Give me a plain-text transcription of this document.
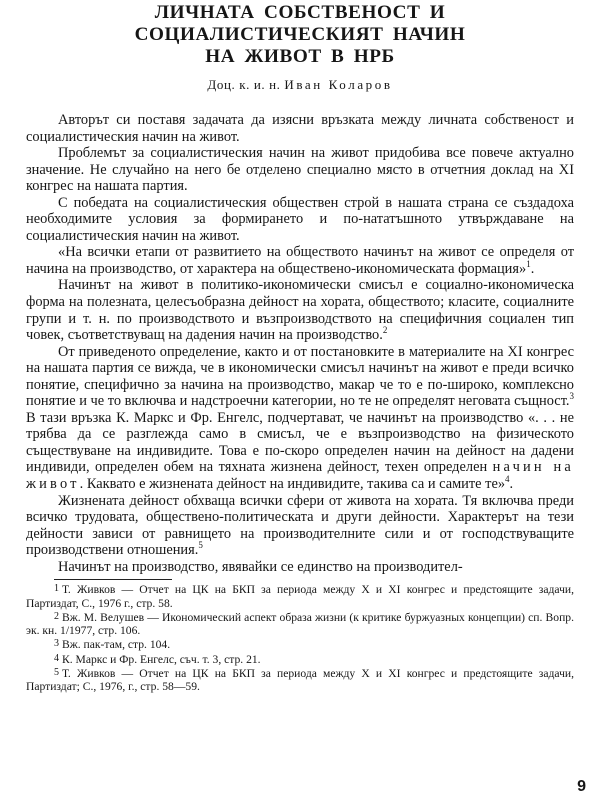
ЛИЧНАТА СОБСТВЕНОСТ И СОЦИАЛИСТИЧЕСКИЯТ НАЧИН
НА ЖИВОТ В НРБ
Доц. к. и. н. Иван Коларов

Авторът си поставя задачата да изясни връзката между личната собственост и социалистическия начин на живот.

Проблемът за социалистическия начин на живот придобива все повече актуално значение. Не случайно на него бе отделено специално място в отчетния доклад на XI конгрес на нашата партия.

С победата на социалистическия обществен строй в нашата страна се създадоха необходимите условия за формирането и по-нататъшното утвърждаване на социалистическия начин на живот.

«На всички етапи от развитието на обществото начинът на живот се определя от начина на производство, от характера на обществено-икономическата формация»$^1$.

Начинът на живот в политико-икономически смисъл е социално-икономическа форма на полезната, целесъобразна дейност на хората, обществото; класите, социалните групи и т. н. по производството и възпроизводството на специфичния социален тип човек, съответствуващ на дадения начин на производство.$^2$

От приведеното определение, както и от постановките в материалите на XI конгрес на нашата партия се вижда, че в икономически смисъл начинът на живот е преди всичко понятие, специфично за начина на производство, макар че то е по-широко, комплексно понятие и че то включва и надстроечни категории, но те не определят неговата същност.$^3$ В тази връзка К. Маркс и Фр. Енгелс, подчертават, че начинът на производство «. . . не трябва да се разглежда само в смисъл, че е възпроизводство на физическото съществуване на индивидите. Това е по-скоро определен начин на дейност на дадени индивиди, определен обем на тяхната жизнена дейност, техен определен начин на живот. Каквато е жизнената дейност на индивидите, такива са и самите те»$^4$.

Жизнената дейност обхваща всички сфери от живота на хората. Тя включва преди всичко трудовата, обществено-политическата и други дейности. Характерът на тези дейности зависи от равнището на производителните сили и от господствуващите производствени отношения.$^5$

Начинът на производство, явявайки се единство на производител-

1 Т. Живков — Отчет на ЦК на БКП за периода между X и XI конгрес и предстоящите задачи, Партиздат, С., 1976 г., стр. 58.

2 Вж. М. Велушев — Икономический аспект образа жизни (к критике буржуазных концепции) сп. Вопр. эк. кн. 1/1977, стр. 106.

3 Вж. пак-там, стр. 104.

4 К. Маркс и Фр. Енгелс, съч. т. 3, стр. 21.

5 Т. Живков — Отчет на ЦК на БКП за периода между X и XI конгрес и предстоящите задачи, Партиздат; С., 1976, г., стр. 58—59.

9
